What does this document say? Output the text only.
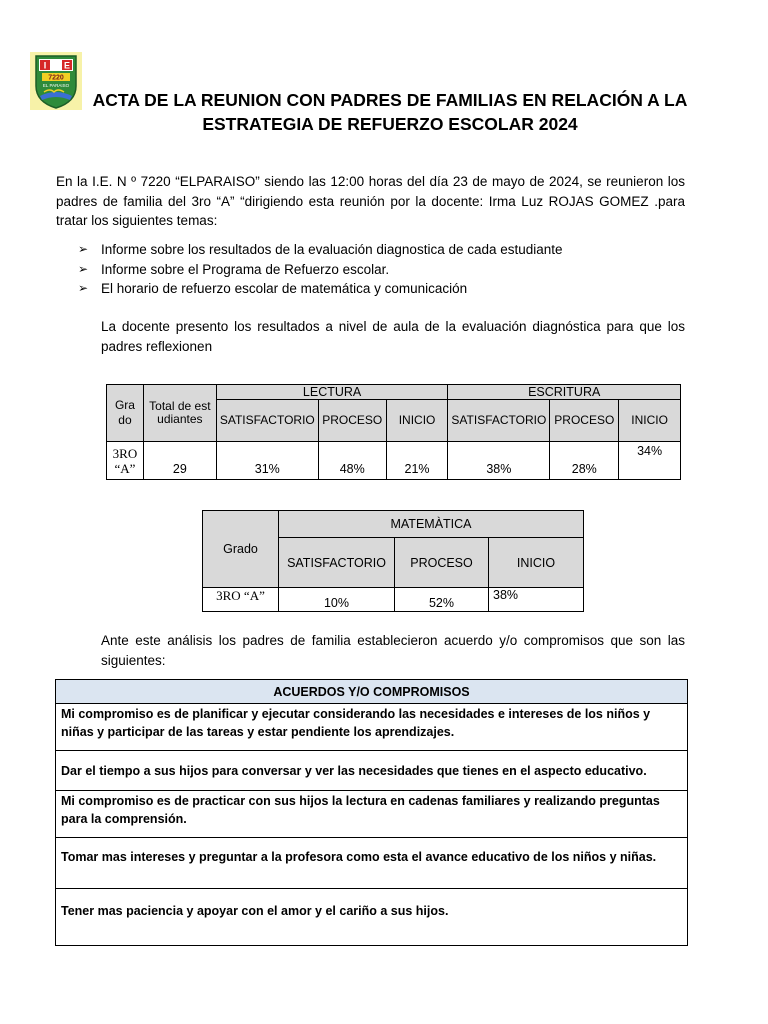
I E
7220
EL PARAISO
ACTA DE LA REUNION CON PADRES DE FAMILIAS EN RELACIÓN A LA
ESTRATEGIA DE REFUERZO ESCOLAR 2024
En la I.E. N º 7220 “ELPARAISO” siendo las 12:00 horas del día 23 de mayo de 2024, se reunieron los padres de familia del 3ro “A” “dirigiendo esta reunión por la docente: Irma Luz ROJAS GOMEZ .para tratar los siguientes temas:
➢ Informe sobre los resultados de la evaluación diagnostica de cada estudiante
➢ Informe sobre el Programa de Refuerzo escolar.
➢ El horario de refuerzo escolar de matemática y comunicación
La docente presento los resultados a nivel de aula de la evaluación diagnóstica para que los padres reflexionen
Grado	Total de estudiantes	LECTURA			ESCRITURA		

		SATISFACTORIO	PROCESO	INICIO	SATISFACTORIO	PROCESO	INICIO

3RO “A”	29	31%	48%	21%	38%	28%	34%
Grado	MATEMÀTICA		
	SATISFACTORIO	PROCESO	INICIO
3RO “A”	10%	52%	38%
Ante este análisis los padres de familia establecieron acuerdo y/o compromisos que son las siguientes:
ACUERDOS Y/O COMPROMISOS
Mi compromiso es de planificar y ejecutar considerando las necesidades e intereses de los niños y niñas y participar de las tareas y estar pendiente los aprendizajes.
Dar el tiempo a sus hijos para conversar y ver las necesidades que tienes en el aspecto educativo.
Mi compromiso es de practicar con sus hijos la lectura en cadenas familiares y realizando preguntas para la comprensión.
Tomar mas intereses y preguntar a la profesora como esta el avance educativo de los niños y niñas.
Tener mas paciencia y apoyar con el amor y el cariño a sus hijos.
